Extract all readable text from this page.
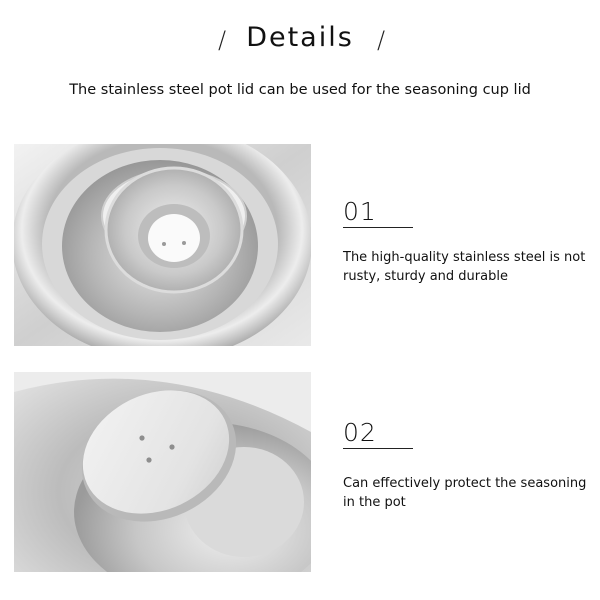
/ Details /
The stainless steel pot lid can be used for the seasoning cup lid
01
The high-quality stainless steel is not rusty, sturdy and durable
02
Can effectively protect the seasoning in the pot
